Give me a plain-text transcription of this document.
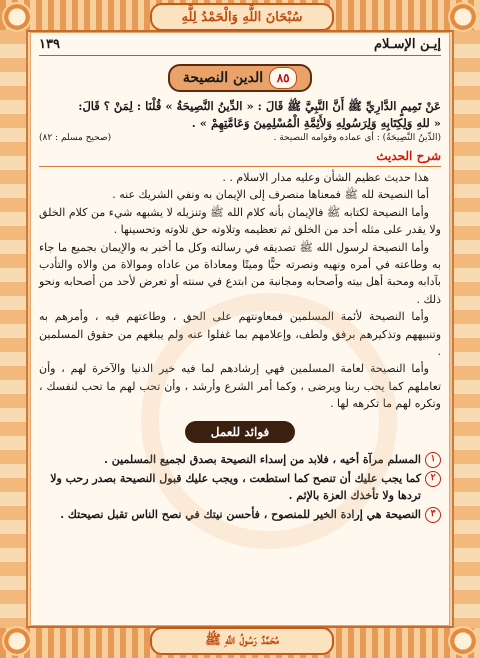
سُبْحَانَ اللَّهِ وَالْحَمْدُ لِلَّهِ
مُحَمَّدٌ رَسُولُ اللَّهِ ﷺ
إيـن الإسـلام
١٣٩
٨٥
الدين النصيحة

عَنْ تَمِيمٍ الدَّارِيِّ ﷺ أَنَّ النَّبِيَّ ﷺ قَالَ : « الدِّينُ النَّصِيحَةُ » قُلْنَا : لِمَنْ ؟ قَالَ:

« للهِ وَلِكِتَابِهِ وَلِرَسُولِهِ وَلأَئِمَّةِ الْمُسْلِمِينَ وَعَامَّتِهِمْ » .

(الدِّينُ النَّصِيحَةُ) : أي عماده وقوامه النصيحة .
(صحيح مسلم : ٨٢)
شرح الحديث

هذا حديث عظيم الشأن وعليه مدار الاسلام . .

أما النصيحة لله ﷺ فمعناها منصرف إلى الإيمان به ونفي الشريك عنه .

وأما النصيحة لكتابه ﷺ فالإيمان بأنه كلام الله ﷺ وتنزيله لا يشبهه شيء من كلام الخلق ولا يقدر على مثله أحد من الخلق ثم تعظيمه وتلاوته حق تلاوته وتحسينها .

وأما النصيحة لرسول الله ﷺ تصديقه في رسالته وكل ما أخبر به والإيمان بجميع ما جاء به وطاعته في أمره ونهيه ونصرته حيًّا وميتًا ومعاداة من عاداه وموالاة من والاه والتأدب بآدابه ومحبة أهل بيته وأصحابه ومجانبة من ابتدع في سنته أو تعرض لأحد من أصحابه ونحو ذلك .

وأما النصيحة لأئمة المسلمين فمعاونتهم على الحق ، وطاعتهم فيه ، وأمرهم به وتنبيههم وتذكيرهم برفق ولطف، وإعلامهم بما غفلوا عنه ولم يبلغهم من حقوق المسلمين .

وأما النصيحة لعامة المسلمين فهي إرشادهم لما فيه خير الدنيا والآخرة لهم ، وأن تعاملهم كما يحب ربنا ويرضى ، وكما أمر الشرع وأرشد ، وأن تحب لهم ما تحب لنفسك ، وتكره لهم ما تكرهه لها .

فوائد للعمل
١
المسلم مرآة أخيه ، فلابد من إسداء النصيحة بصدق لجميع المسلمين .
٢
كما يجب عليك أن تنصح كما استطعت ، ويجب عليك قبول النصيحة بصدر رحب ولا تردها ولا تأخذك العزة بالإثم .
٣
النصيحة هي إرادة الخير للمنصوح ، فأحسن نيتك في نصح الناس تقبل نصيحتك .
